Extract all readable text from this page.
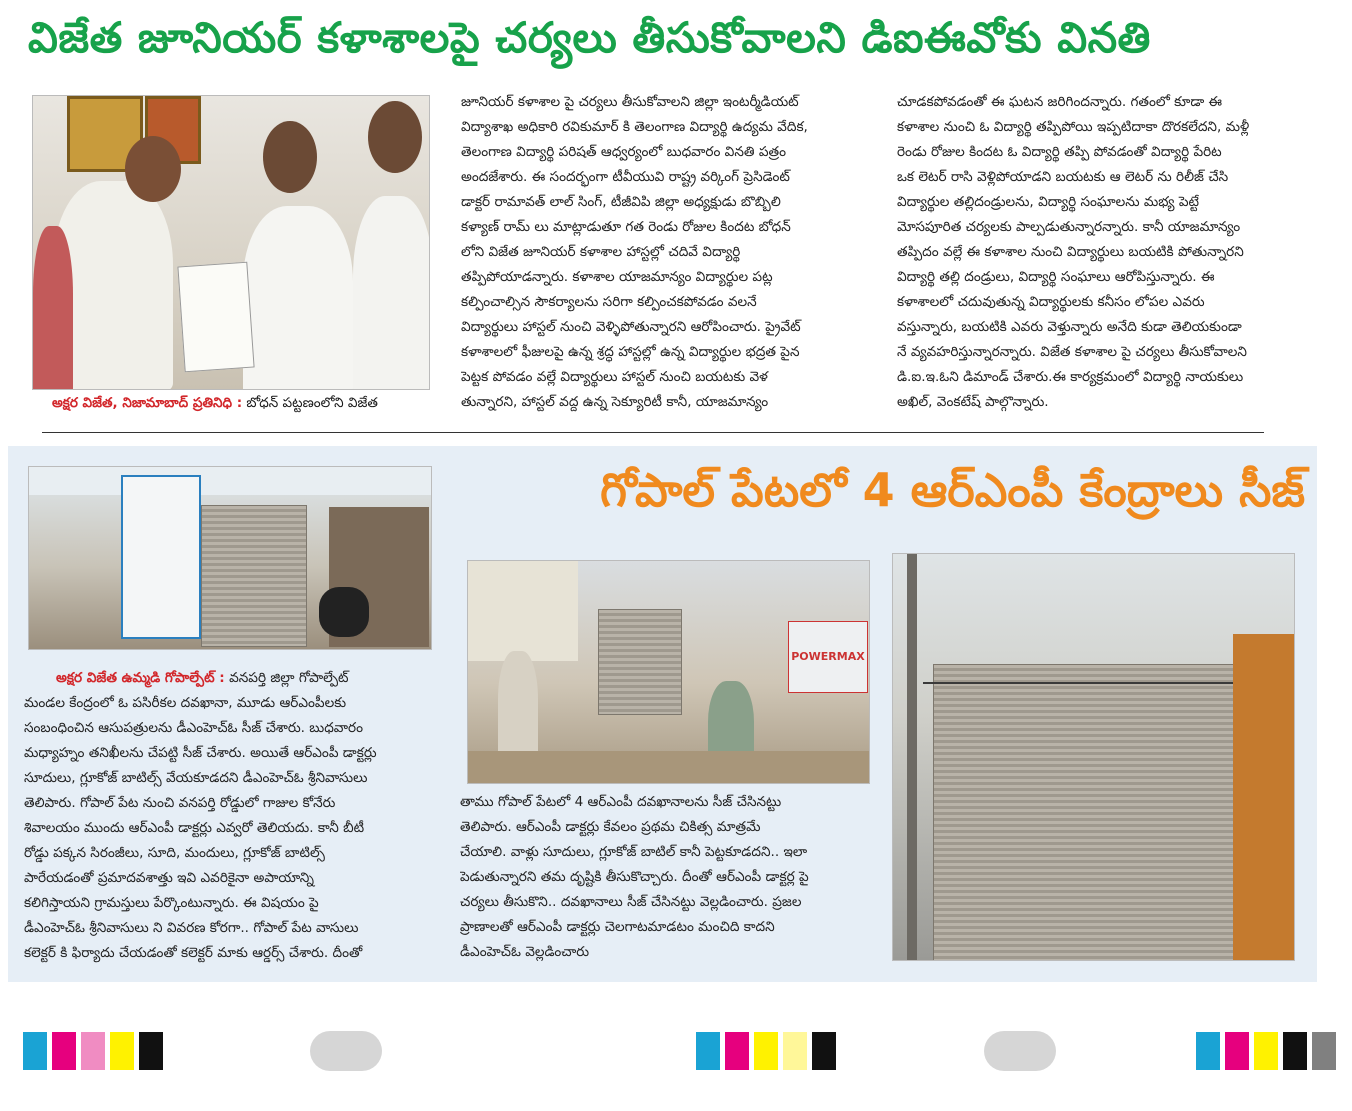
విజేత జూనియర్ కళాశాలపై చర్యలు తీసుకోవాలని డిఐఈవోకు వినతి
అక్షర విజేత, నిజామాబాద్ ప్రతినిధి : బోధన్ పట్టణంలోని విజేత

జూనియర్ కళాశాల పై చర్యలు తీసుకోవాలని జిల్లా ఇంటర్మీడియట్

విద్యాశాఖ అధికారి రవికుమార్ కి తెలంగాణ విద్యార్థి ఉద్యమ వేదిక,

తెలంగాణ విద్యార్థి పరిషత్ ఆధ్వర్యంలో బుధవారం వినతి పత్రం

అందజేశారు. ఈ సందర్భంగా టీవీయువి రాష్ట్ర వర్కింగ్ ప్రెసిడెంట్

డాక్టర్ రామావత్ లాల్ సింగ్, టీజీవిపి జిల్లా అధ్యక్షుడు బొబ్బిలి

కళ్యాణ్ రామ్ లు మాట్లాడుతూ గత రెండు రోజుల కిందట బోధన్

లోని విజేత జూనియర్ కళాశాల హాస్టల్లో చదివే విద్యార్థి

తప్పిపోయాడన్నారు. కళాశాల యాజమాన్యం విద్యార్థుల పట్ల

కల్పించాల్సిన సౌకర్యాలను సరిగా కల్పించకపోవడం వలనే

విద్యార్థులు హాస్టల్ నుంచి వెళ్ళిపోతున్నారని ఆరోపించారు. ప్రైవేట్

కళాశాలలో ఫీజులపై ఉన్న శ్రద్ధ హాస్టల్లో ఉన్న విద్యార్థుల భద్రత పైన

పెట్టక పోవడం వల్లే విద్యార్థులు హాస్టల్ నుంచి బయటకు వెళ

తున్నారని, హాస్టల్ వద్ద ఉన్న సెక్యూరిటీ కానీ, యాజమాన్యం

చూడకపోవడంతో ఈ ఘటన జరిగిందన్నారు. గతంలో కూడా ఈ

కళాశాల నుంచి ఓ విద్యార్థి తప్పిపోయి ఇప్పటిదాకా దొరకలేదని, మళ్లీ

రెండు రోజుల కిందట ఓ విద్యార్థి తప్పి పోవడంతో విద్యార్థి పేరిట

ఒక లెటర్ రాసి వెళ్లిపోయాడని బయటకు ఆ లెటర్ ను రిలీజ్ చేసి

విద్యార్థుల తల్లిదండ్రులను, విద్యార్థి సంఘాలను మభ్య పెట్టే

మోసపూరిత చర్యలకు పాల్పడుతున్నారన్నారు. కానీ యాజమాన్యం

తప్పిదం వల్లే ఈ కళాశాల నుంచి విద్యార్థులు బయటికి పోతున్నారని

విద్యార్థి తల్లి దండ్రులు, విద్యార్థి సంఘాలు ఆరోపిస్తున్నారు. ఈ

కళాశాలలో చదువుతున్న విద్యార్థులకు కనీసం లోపల ఎవరు

వస్తున్నారు, బయటికి ఎవరు వెళ్తున్నారు అనేది కుడా తెలియకుండా

నే వ్యవహరిస్తున్నారన్నారు. విజేత కళాశాల పై చర్యలు తీసుకోవాలని

డి.ఐ.ఇ.ఓని డిమాండ్ చేశారు.ఈ కార్యక్రమంలో విద్యార్థి నాయకులు

అఖిల్, వెంకటేష్ పాల్గొన్నారు.

గోపాల్ పేటలో 4 ఆర్ఎంపీ కేంద్రాలు సీజ్
POWERMAX

అక్షర విజేత ఉమ్మడి గోపాల్పేట్ : వనపర్తి జిల్లా గోపాల్పేట్

మండల కేంద్రంలో ఓ పసిరీకల దవఖానా, మూడు ఆర్ఎంపీలకు

సంబంధించిన ఆసుపత్రులను డీఎంహెచ్ఓ సీజ్ చేశారు. బుధవారం

మధ్యాహ్నం తనిఖీలను చేపట్టి సీజ్ చేశారు. అయితే ఆర్ఎంపీ డాక్టర్లు

సూదులు, గ్లూకోజ్ బాటిల్స్ వేయకూడదని డీఎంహెచ్ఓ శ్రీనివాసులు

తెలిపారు. గోపాల్ పేట నుంచి వనపర్తి రోడ్డులో గాజుల కోనేరు

శివాలయం ముందు ఆర్ఎంపీ డాక్టర్లు ఎవ్వరో తెలియదు. కానీ బీటీ

రోడ్డు పక్కన సిరంజీలు, సూది, మందులు, గ్లూకోజ్ బాటిల్స్

పారేయడంతో ప్రమాదవశాత్తు ఇవి ఎవరికైనా అపాయాన్ని

కలిగిస్తాయని గ్రామస్తులు పేర్కొంటున్నారు. ఈ విషయం పై

డీఎంహెచ్ఓ శ్రీనివాసులు ని వివరణ కోరగా.. గోపాల్ పేట వాసులు

కలెక్టర్ కి ఫిర్యాదు చేయడంతో కలెక్టర్ మాకు ఆర్డర్స్ చేశారు. దీంతో

తాము గోపాల్ పేటలో 4 ఆర్ఎంపీ దవఖానాలను సీజ్ చేసినట్టు

తెలిపారు. ఆర్ఎంపీ డాక్టర్లు కేవలం ప్రథమ చికిత్స మాత్రమే

చేయాలి. వాళ్లు సూదులు, గ్లూకోజ్ బాటిల్ కానీ పెట్టకూడదని.. ఇలా

పెడుతున్నారని తమ దృష్టికి తీసుకొచ్చారు. దీంతో ఆర్ఎంపీ డాక్టర్ల పై

చర్యలు తీసుకొని.. దవఖానాలు సీజ్ చేసినట్టు వెల్లడించారు. ప్రజల

ప్రాణాలతో ఆర్ఎంపీ డాక్టర్లు చెలగాటమాడటం మంచిది కాదని

డీఎంహెచ్ఓ వెల్లడించారు
